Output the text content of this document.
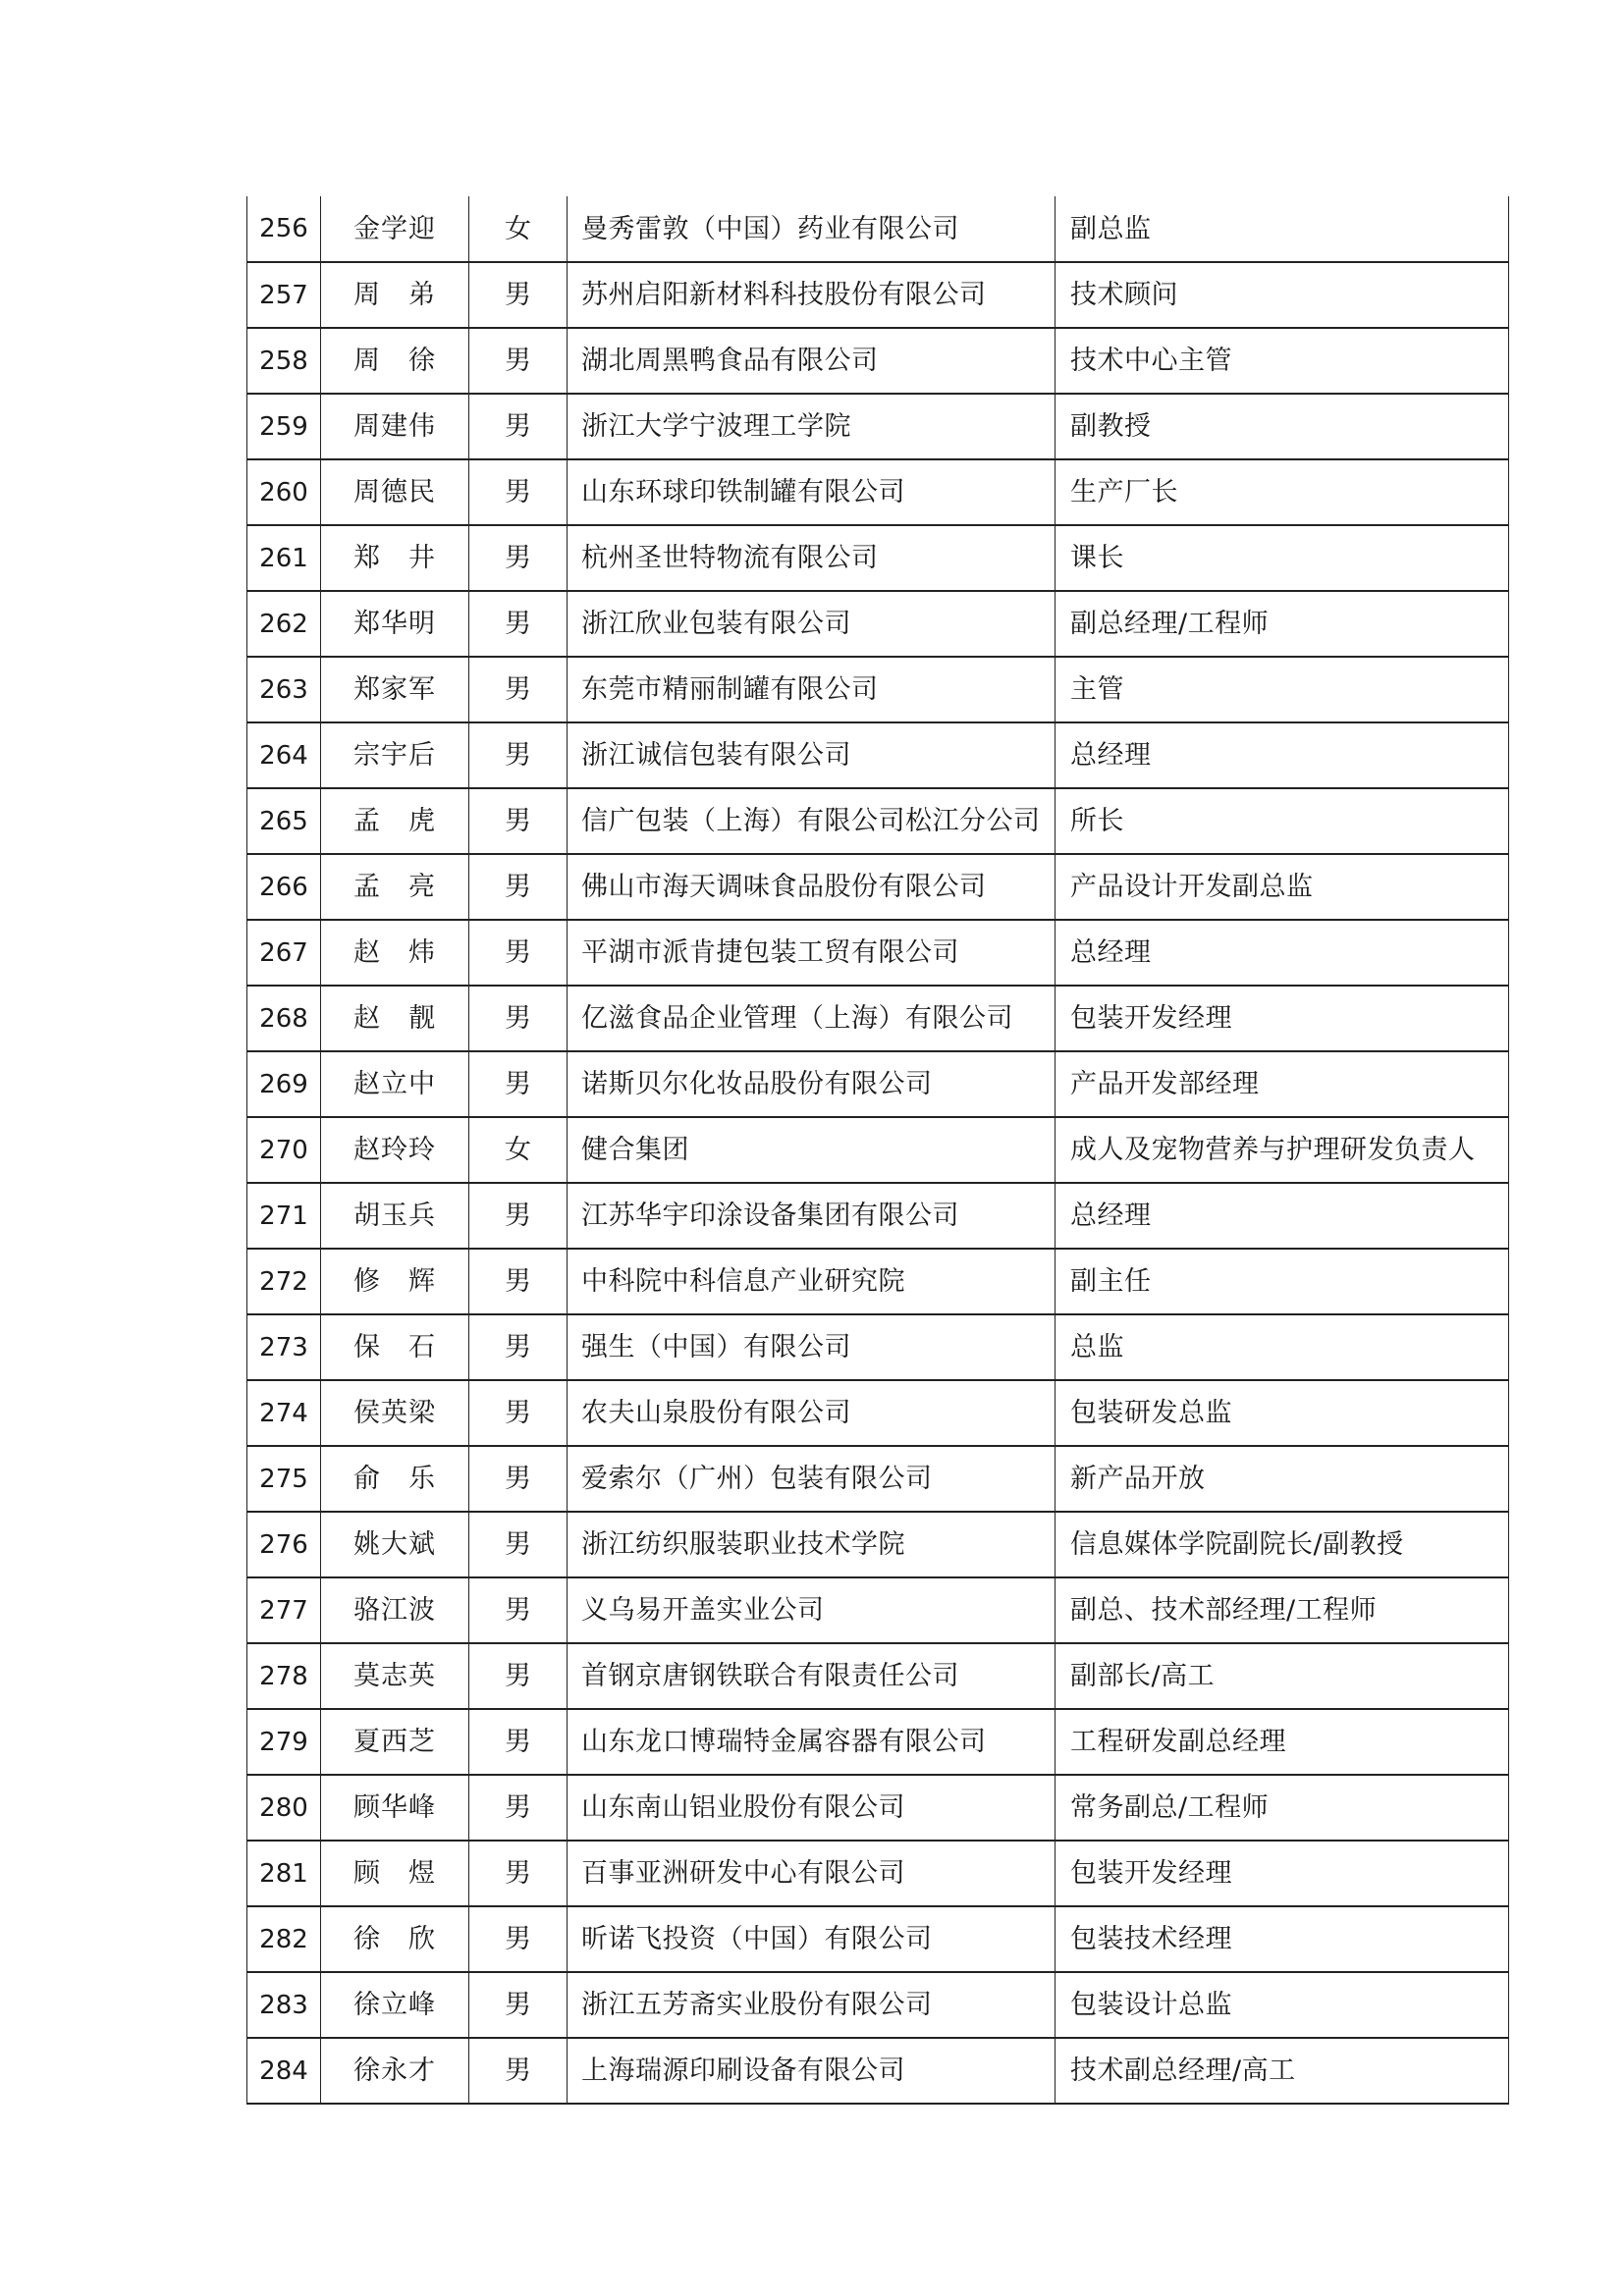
256	金学迎	女	曼秀雷敦（中国）药业有限公司	副总监
257	周　弟	男	苏州启阳新材料科技股份有限公司	技术顾问
258	周　徐	男	湖北周黑鸭食品有限公司	技术中心主管
259	周建伟	男	浙江大学宁波理工学院	副教授
260	周德民	男	山东环球印铁制罐有限公司	生产厂长
261	郑　井	男	杭州圣世特物流有限公司	课长
262	郑华明	男	浙江欣业包装有限公司	副总经理/工程师
263	郑家军	男	东莞市精丽制罐有限公司	主管
264	宗宇后	男	浙江诚信包装有限公司	总经理
265	孟　虎	男	信广包装（上海）有限公司松江分公司	所长
266	孟　亮	男	佛山市海天调味食品股份有限公司	产品设计开发副总监
267	赵　炜	男	平湖市派肯捷包装工贸有限公司	总经理
268	赵　靓	男	亿滋食品企业管理（上海）有限公司	包装开发经理
269	赵立中	男	诺斯贝尔化妆品股份有限公司	产品开发部经理
270	赵玲玲	女	健合集团	成人及宠物营养与护理研发负责人
271	胡玉兵	男	江苏华宇印涂设备集团有限公司	总经理
272	修　辉	男	中科院中科信息产业研究院	副主任
273	保　石	男	强生（中国）有限公司	总监
274	侯英梁	男	农夫山泉股份有限公司	包装研发总监
275	俞　乐	男	爱索尔（广州）包装有限公司	新产品开放
276	姚大斌	男	浙江纺织服装职业技术学院	信息媒体学院副院长/副教授
277	骆江波	男	义乌易开盖实业公司	副总、技术部经理/工程师
278	莫志英	男	首钢京唐钢铁联合有限责任公司	副部长/高工
279	夏西芝	男	山东龙口博瑞特金属容器有限公司	工程研发副总经理
280	顾华峰	男	山东南山铝业股份有限公司	常务副总/工程师
281	顾　煜	男	百事亚洲研发中心有限公司	包装开发经理
282	徐　欣	男	昕诺飞投资（中国）有限公司	包装技术经理
283	徐立峰	男	浙江五芳斋实业股份有限公司	包装设计总监
284	徐永才	男	上海瑞源印刷设备有限公司	技术副总经理/高工
